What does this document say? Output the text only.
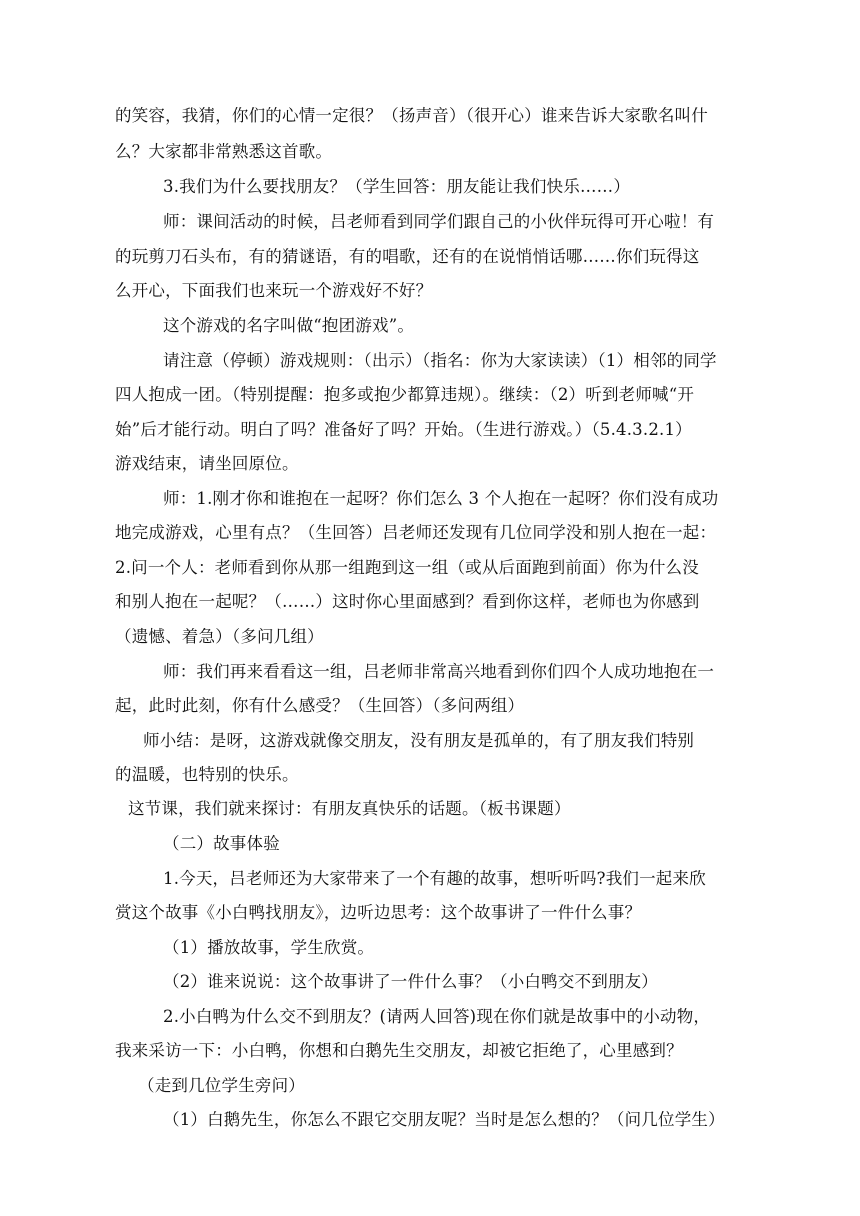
的笑容，我猜，你们的心情一定很？（扬声音）（很开心）谁来告诉大家歌名叫什
么？大家都非常熟悉这首歌。
3.我们为什么要找朋友？（学生回答：朋友能让我们快乐……）
师：课间活动的时候，吕老师看到同学们跟自己的小伙伴玩得可开心啦！有
的玩剪刀石头布，有的猜谜语，有的唱歌，还有的在说悄悄话哪……你们玩得这
么开心，下面我们也来玩一个游戏好不好？
这个游戏的名字叫做“抱团游戏”。
请注意（停顿）游戏规则：（出示）（指名：你为大家读读）（1）相邻的同学
四人抱成一团。（特别提醒：抱多或抱少都算违规）。继续：（2）听到老师喊“开
始”后才能行动。明白了吗？准备好了吗？开始。（生进行游戏。）（5.4.3.2.1）
游戏结束，请坐回原位。
师：1.刚才你和谁抱在一起呀？你们怎么 3 个人抱在一起呀？你们没有成功
地完成游戏，心里有点？（生回答）吕老师还发现有几位同学没和别人抱在一起：
2.问一个人：老师看到你从那一组跑到这一组（或从后面跑到前面）你为什么没
和别人抱在一起呢？（……）这时你心里面感到？看到你这样，老师也为你感到
（遗憾、着急）（多问几组）
师：我们再来看看这一组，吕老师非常高兴地看到你们四个人成功地抱在一
起，此时此刻，你有什么感受？（生回答）（多问两组）
师小结：是呀，这游戏就像交朋友，没有朋友是孤单的，有了朋友我们特别
的温暖，也特别的快乐。
这节课，我们就来探讨：有朋友真快乐的话题。（板书课题）
（二）故事体验
1.今天，吕老师还为大家带来了一个有趣的故事，想听听吗?我们一起来欣
赏这个故事《小白鸭找朋友》，边听边思考：这个故事讲了一件什么事？
（1）播放故事，学生欣赏。
（2）谁来说说：这个故事讲了一件什么事？（小白鸭交不到朋友）
2.小白鸭为什么交不到朋友？(请两人回答)现在你们就是故事中的小动物，
我来采访一下：小白鸭，你想和白鹅先生交朋友，却被它拒绝了，心里感到？
（走到几位学生旁问）
（1）白鹅先生，你怎么不跟它交朋友呢？当时是怎么想的？（问几位学生）
